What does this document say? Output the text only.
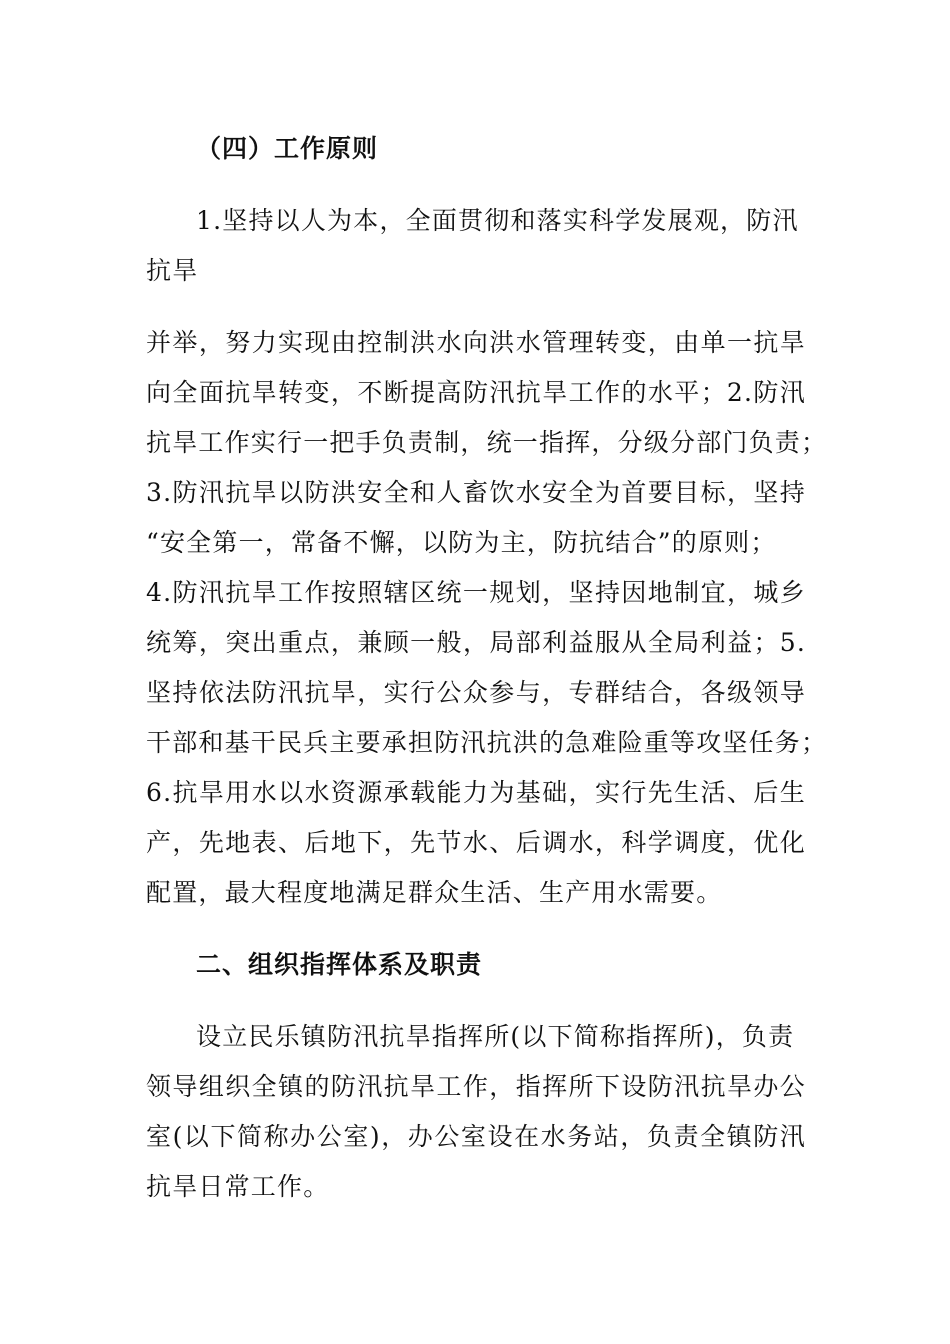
（四）工作原则
1.坚持以人为本，全面贯彻和落实科学发展观，防汛
抗旱
并举，努力实现由控制洪水向洪水管理转变，由单一抗旱
向全面抗旱转变，不断提高防汛抗旱工作的水平；2.防汛
抗旱工作实行一把手负责制，统一指挥，分级分部门负责；
3.防汛抗旱以防洪安全和人畜饮水安全为首要目标，坚持
“安全第一，常备不懈，以防为主，防抗结合”的原则；
4.防汛抗旱工作按照辖区统一规划，坚持因地制宜，城乡
统筹，突出重点，兼顾一般，局部利益服从全局利益；5.
坚持依法防汛抗旱，实行公众参与，专群结合，各级领导
干部和基干民兵主要承担防汛抗洪的急难险重等攻坚任务；
6.抗旱用水以水资源承载能力为基础，实行先生活、后生
产，先地表、后地下，先节水、后调水，科学调度，优化
配置，最大程度地满足群众生活、生产用水需要。
二、组织指挥体系及职责
设立民乐镇防汛抗旱指挥所(以下简称指挥所)，负责
领导组织全镇的防汛抗旱工作，指挥所下设防汛抗旱办公
室(以下简称办公室)，办公室设在水务站，负责全镇防汛
抗旱日常工作。
